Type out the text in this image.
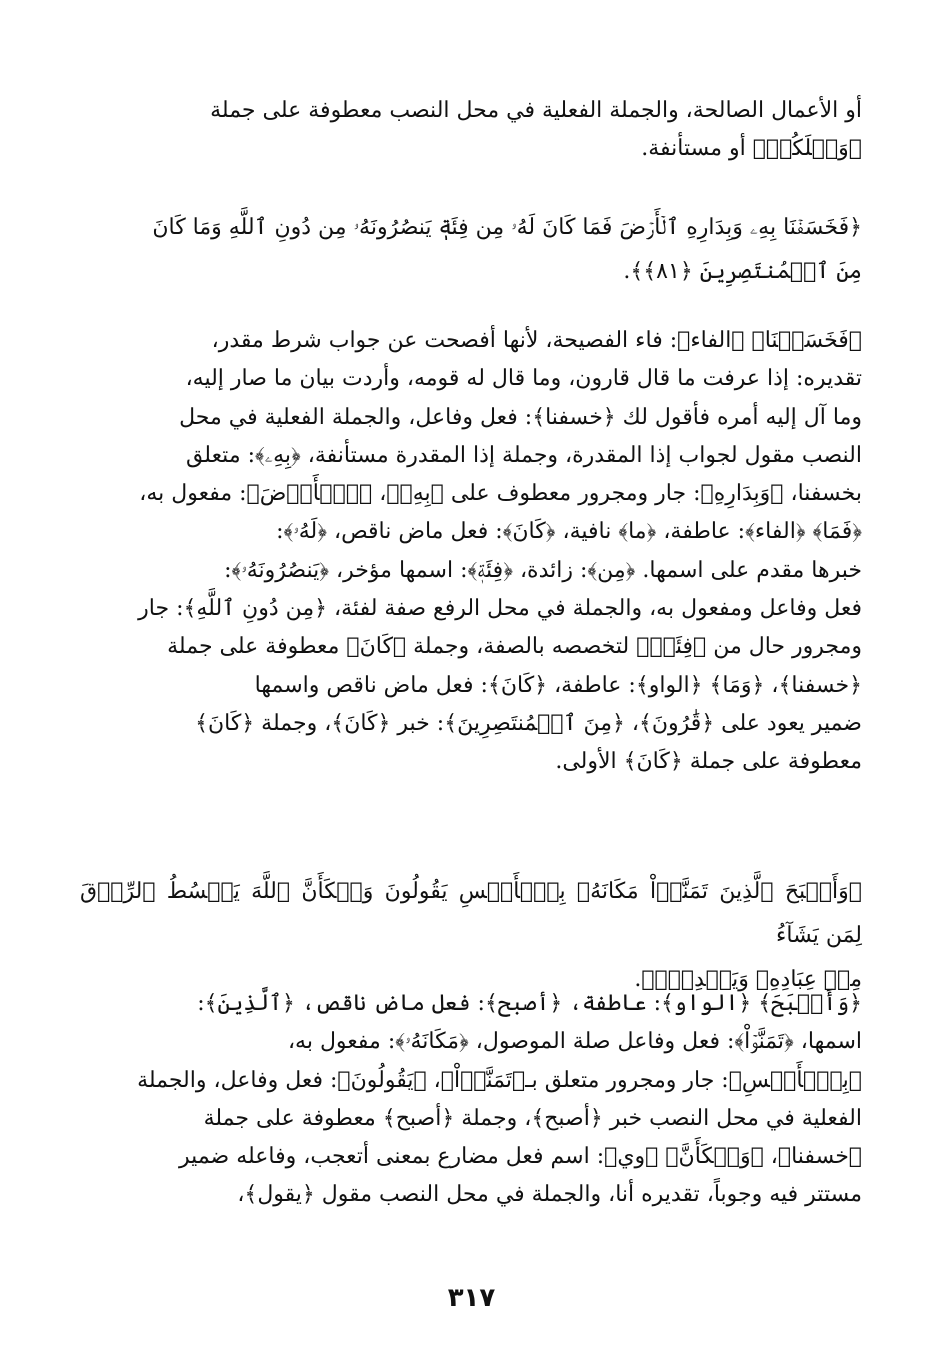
أو الأعمال الصالحة، والجملة الفعلية في محل النصب معطوفة على جملة
﴿وَيۡلَكُمۡ﴾ أو مستأنفة.
﴿فَخَسَفۡنَا بِهِۦ وَبِدَارِهِ ٱلۡأَرۡضَ فَمَا كَانَ لَهُۥ مِن فِئَةٖ يَنصُرُونَهُۥ مِن دُونِ ٱللَّهِ وَمَا كَانَ
مِنَ ٱلۡمُنتَصِرِينَ ﴿٨١﴾﴾.
﴿فَخَسَفۡنَا﴾ ﴿الفاء﴾: فاء الفصيحة، لأنها أفصحت عن جواب شرط مقدر،
تقديره: إذا عرفت ما قال قارون، وما قال له قومه، وأردت بيان ما صار إليه،
وما آل إليه أمره فأقول لك ﴿خسفنا﴾: فعل وفاعل، والجملة الفعلية في محل
النصب مقول لجواب إذا المقدرة، وجملة إذا المقدرة مستأنفة، ﴿بِهِۦ﴾: متعلق
بخسفنا، ﴿وَبِدَارِهِ﴾: جار ومجرور معطوف على ﴿بِهِۦ﴾، ﴿ٱلۡأَرۡضَ﴾: مفعول به،
﴿فَمَا﴾ ﴿الفاء﴾: عاطفة، ﴿ما﴾ نافية، ﴿كَانَ﴾: فعل ماض ناقص، ﴿لَهُۥ﴾:
خبرها مقدم على اسمها. ﴿مِن﴾: زائدة، ﴿فِئَةٖ﴾: اسمها مؤخر، ﴿يَنصُرُونَهُۥ﴾:
فعل وفاعل ومفعول به، والجملة في محل الرفع صفة لفئة، ﴿مِن دُونِ ٱللَّهِ﴾: جار
ومجرور حال من ﴿فِئَةٖ﴾ لتخصصه بالصفة، وجملة ﴿كَانَ﴾ معطوفة على جملة
﴿خسفنا﴾، ﴿وَمَا﴾ ﴿الواو﴾: عاطفة، ﴿كَانَ﴾: فعل ماض ناقص واسمها
ضمير يعود على ﴿قَٰرُونَ﴾، ﴿مِنَ ٱلۡمُنتَصِرِينَ﴾: خبر ﴿كَانَ﴾، وجملة ﴿كَانَ﴾
معطوفة على جملة ﴿كَانَ﴾ الأولى.
﴿وَأَصۡبَحَ ٱلَّذِينَ تَمَنَّوۡاْ مَكَانَهُۥ بِٱلۡأَمۡسِ يَقُولُونَ وَيۡكَأَنَّ ٱللَّهَ يَبۡسُطُ ٱلرِّزۡقَ لِمَن يَشَآءُ
مِنۡ عِبَادِهِۦ وَيَقۡدِرُۖ﴾.
﴿وَأَصۡبَحَ﴾ ﴿الواو﴾: عاطفة، ﴿أصبح﴾: فعل ماض ناقص، ﴿ٱلَّذِينَ﴾:
اسمها، ﴿تَمَنَّوۡاْ﴾: فعل وفاعل صلة الموصول، ﴿مَكَانَهُۥ﴾: مفعول به،
﴿بِٱلۡأَمۡسِ﴾: جار ومجرور متعلق بـ﴿تَمَنَّوۡاْ﴾، ﴿يَقُولُونَ﴾: فعل وفاعل، والجملة
الفعلية في محل النصب خبر ﴿أصبح﴾، وجملة ﴿أصبح﴾ معطوفة على جملة
﴿خسفنا﴾، ﴿وَيۡكَأَنَّ﴾ ﴿وي﴾: اسم فعل مضارع بمعنى أتعجب، وفاعله ضمير
مستتر فيه وجوباً، تقديره أنا، والجملة في محل النصب مقول ﴿يقول﴾،
٣١٧
